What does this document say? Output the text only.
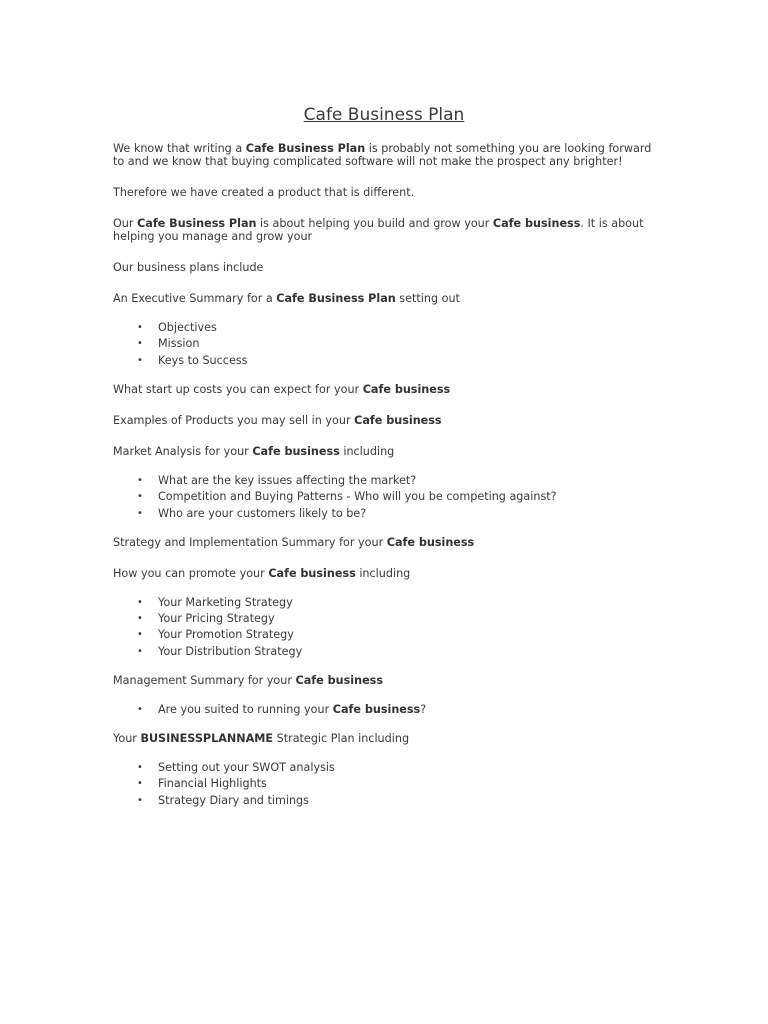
Cafe Business Plan

We know that writing a Cafe Business Plan is probably not something you are looking forward to and we know that buying complicated software will not make the prospect any brighter!

Therefore we have created a product that is different.

Our Cafe Business Plan is about helping you build and grow your Cafe business. It is about helping you manage and grow your

Our business plans include

An Executive Summary for a Cafe Business Plan setting out

• Objectives
• Mission
• Keys to Success

What start up costs you can expect for your Cafe business

Examples of Products you may sell in your Cafe business

Market Analysis for your Cafe business including

• What are the key issues affecting the market?
• Competition and Buying Patterns - Who will you be competing against?
• Who are your customers likely to be?

Strategy and Implementation Summary for your Cafe business

How you can promote your Cafe business including

• Your Marketing Strategy
• Your Pricing Strategy
• Your Promotion Strategy
• Your Distribution Strategy

Management Summary for your Cafe business

• Are you suited to running your Cafe business?

Your BUSINESSPLANNAME Strategic Plan including

• Setting out your SWOT analysis
• Financial Highlights
• Strategy Diary and timings
